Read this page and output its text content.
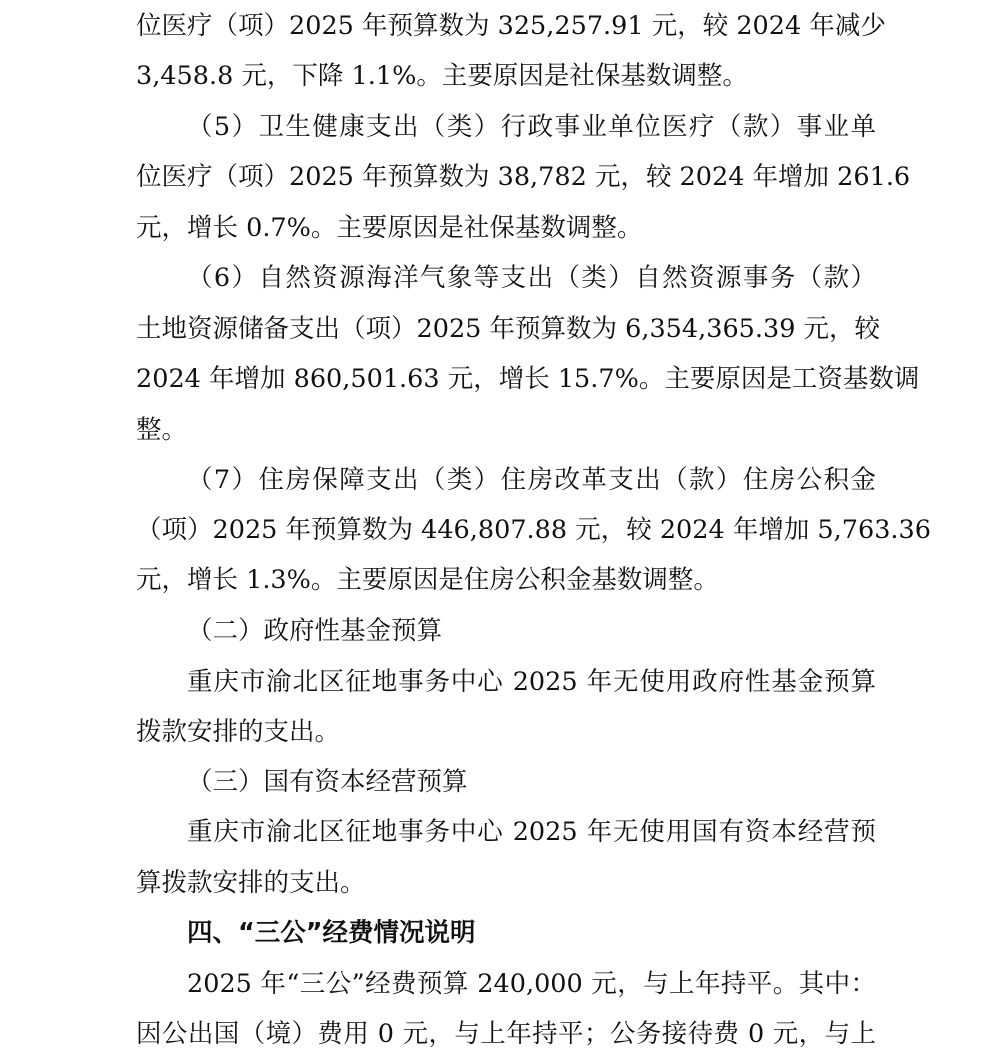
位医疗（项）2025 年预算数为 325,257.91 元，较 2024 年减少
3,458.8 元，下降 1.1%。主要原因是社保基数调整。
（5）卫生健康支出（类）行政事业单位医疗（款）事业单
位医疗（项）2025 年预算数为 38,782 元，较 2024 年增加 261.6
元，增长 0.7%。主要原因是社保基数调整。
（6）自然资源海洋气象等支出（类）自然资源事务（款）
土地资源储备支出（项）2025 年预算数为 6,354,365.39 元，较
2024 年增加 860,501.63 元，增长 15.7%。主要原因是工资基数调
整。
（7）住房保障支出（类）住房改革支出（款）住房公积金
（项）2025 年预算数为 446,807.88 元，较 2024 年增加 5,763.36
元，增长 1.3%。主要原因是住房公积金基数调整。
（二）政府性基金预算
重庆市渝北区征地事务中心 2025 年无使用政府性基金预算
拨款安排的支出。
（三）国有资本经营预算
重庆市渝北区征地事务中心 2025 年无使用国有资本经营预
算拨款安排的支出。
四、“三公”经费情况说明
2025 年“三公”经费预算 240,000 元，与上年持平。其中：
因公出国（境）费用 0 元，与上年持平；公务接待费 0 元，与上
